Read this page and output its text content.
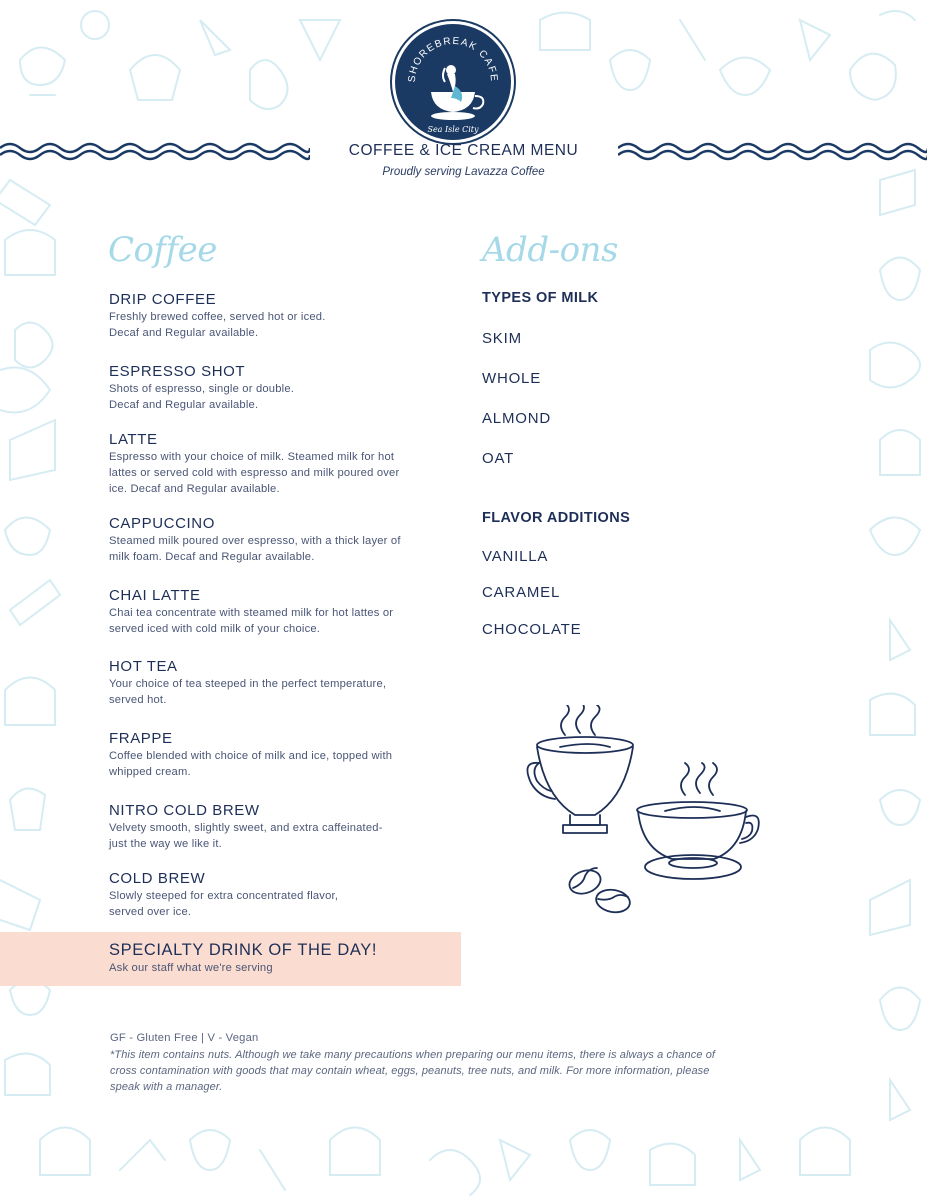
SHOREBREAK CAFE
Sea Isle City
COFFEE & ICE CREAM MENU
Proudly serving Lavazza Coffee
Coffee
DRIP COFFEE
Freshly brewed coffee, served hot or iced.
Decaf and Regular available.
ESPRESSO SHOT
Shots of espresso, single or double.
Decaf and Regular available.
LATTE
Espresso with your choice of milk. Steamed milk for hot
lattes or served cold with espresso and milk poured over
ice. Decaf and Regular available.
CAPPUCCINO
Steamed milk poured over espresso, with a thick layer of
milk foam. Decaf and Regular available.
CHAI LATTE
Chai tea concentrate with steamed milk for hot lattes or
served iced with cold milk of your choice.
HOT TEA
Your choice of tea steeped in the perfect temperature,
served hot.
FRAPPE
Coffee blended with choice of milk and ice, topped with
whipped cream.
NITRO COLD BREW
Velvety smooth, slightly sweet, and extra caffeinated-
just the way we like it.
COLD BREW
Slowly steeped for extra concentrated flavor,
served over ice.
SPECIALTY DRINK OF THE DAY!
Ask our staff what we're serving
Add-ons
TYPES OF MILK
SKIM
WHOLE
ALMOND
OAT
FLAVOR ADDITIONS
VANILLA
CARAMEL
CHOCOLATE
GF - Gluten Free | V - Vegan
*This item contains nuts. Although we take many precautions when preparing our menu items, there is always a chance of
cross contamination with goods that may contain wheat, eggs, peanuts, tree nuts, and milk. For more information, please
speak with a manager.
